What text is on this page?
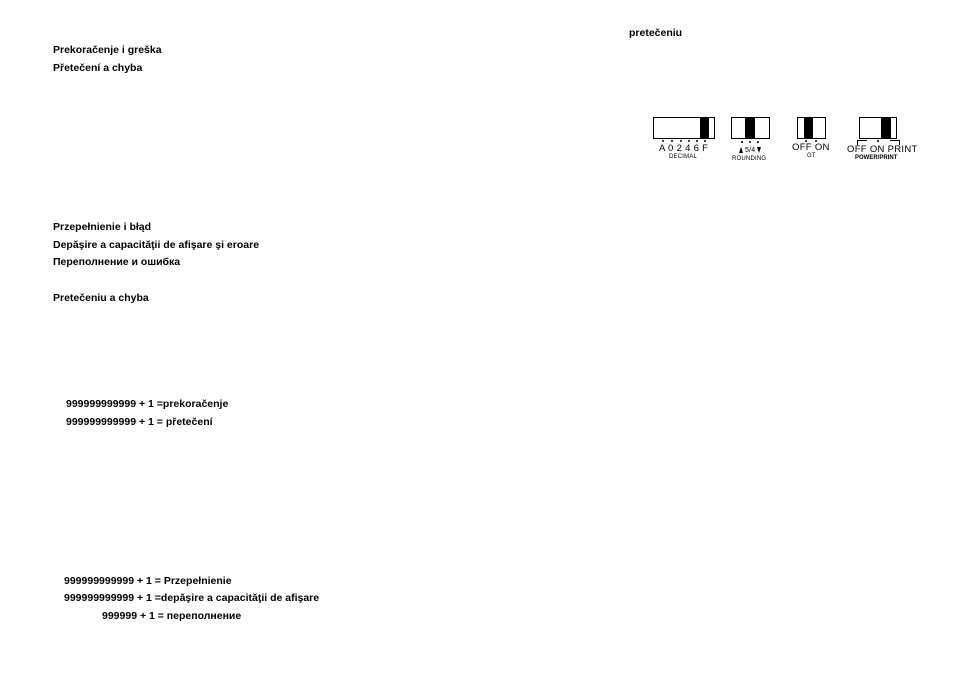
pretečeniu
Prekoračenje i greška
Přetečení a chyba
Przepełnienie i błąd
Depăşire a capacităţii de afişare şi eroare
Переполнение и ошибка
Pretečeniu a chyba
999999999999 + 1 =prekoračenje
999999999999 + 1 = přetečení
999999999999 + 1 = Przepełnienie
999999999999 + 1 =depăşire a capacităţii de afişare
999999 + 1 = переполнение
A 0 2 4 6 F
DECIMAL
5/4
ROUNDING
OFF ON
GT
OFF ON PRINT
POWER/PRINT
